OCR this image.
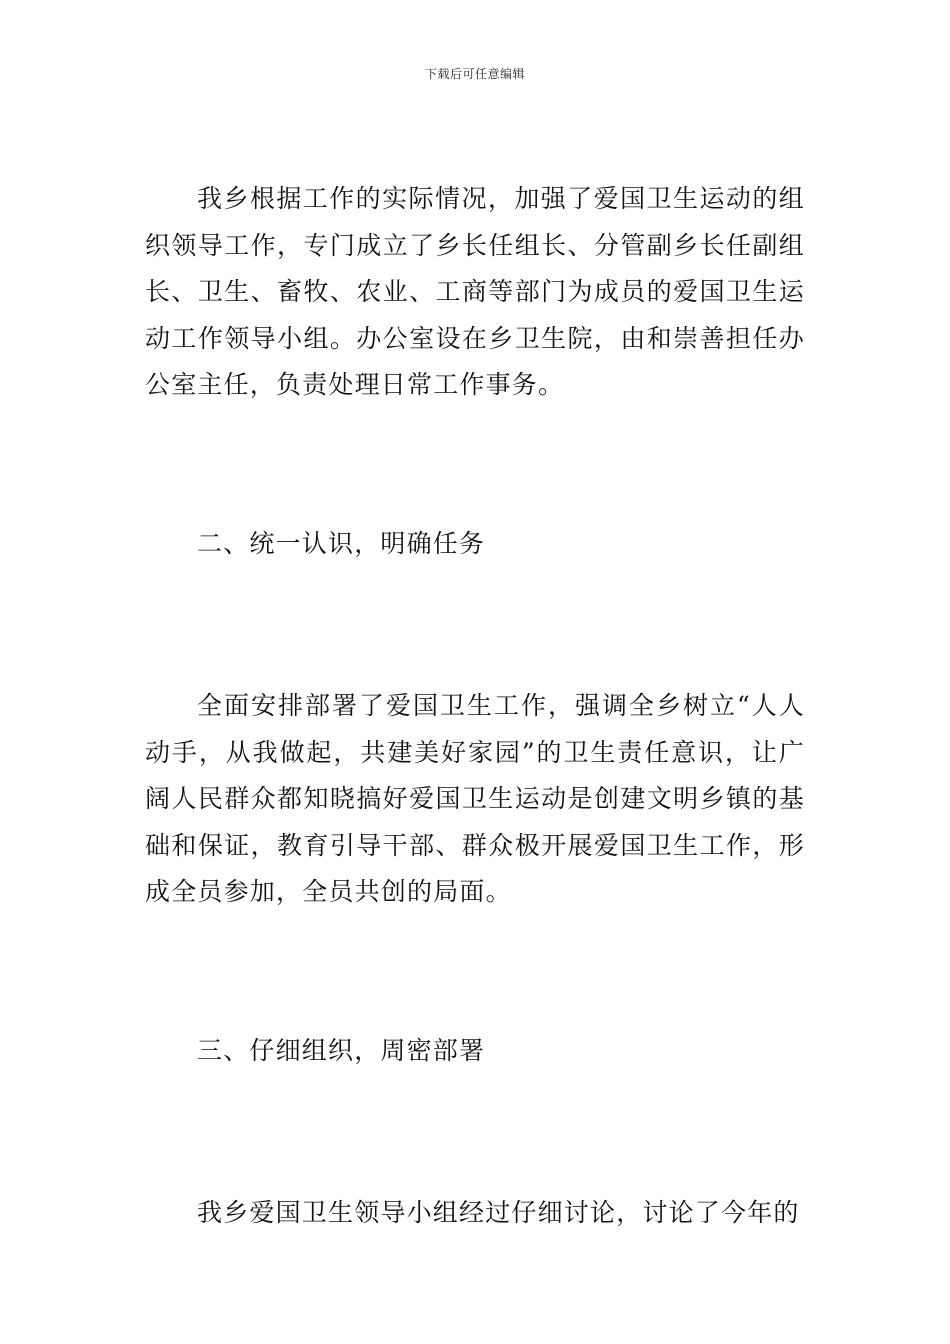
下载后可任意编辑

我乡根据工作的实际情况，加强了爱国卫生运动的组织领导工作，专门成立了乡长任组长、分管副乡长任副组长、卫生、畜牧、农业、工商等部门为成员的爱国卫生运动工作领导小组。办公室设在乡卫生院，由和崇善担任办公室主任，负责处理日常工作事务。

二、统一认识，明确任务

全面安排部署了爱国卫生工作，强调全乡树立“人人动手，从我做起，共建美好家园”的卫生责任意识，让广阔人民群众都知晓搞好爱国卫生运动是创建文明乡镇的基础和保证，教育引导干部、群众极开展爱国卫生工作，形成全员参加，全员共创的局面。

三、仔细组织，周密部署

我乡爱国卫生领导小组经过仔细讨论，讨论了今年的
